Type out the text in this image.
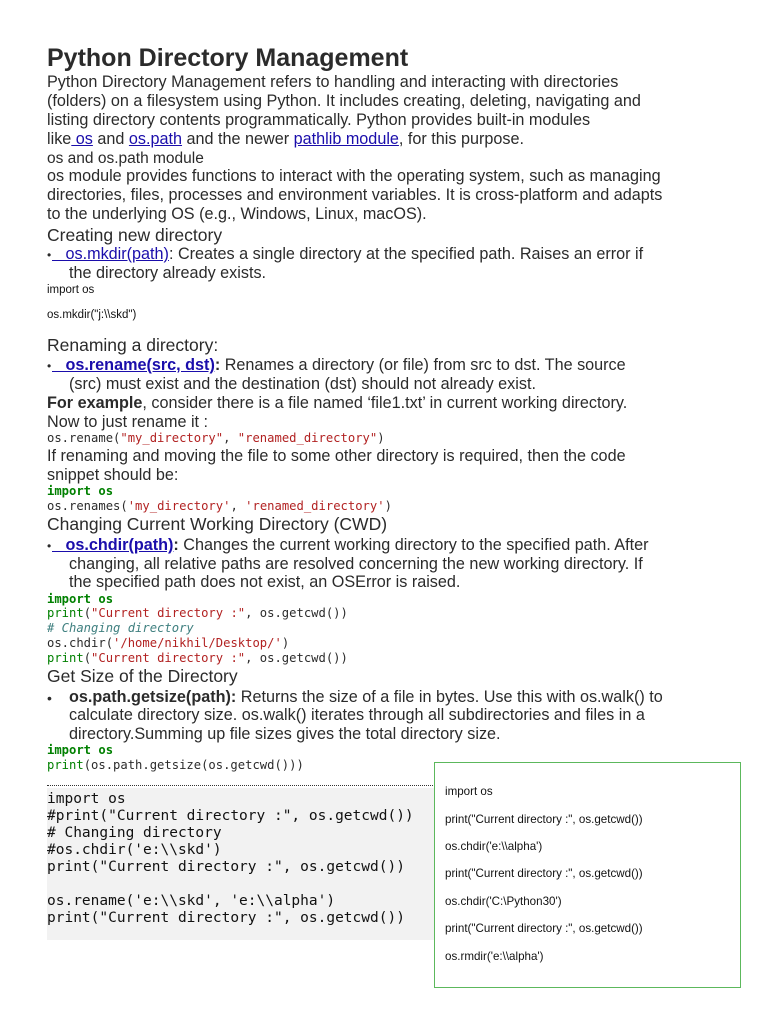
Python Directory Management
Python Directory Management refers to handling and interacting with directories
(folders) on a filesystem using Python. It includes creating, deleting, navigating and
listing directory contents programmatically. Python provides built-in modules
like os and os.path and the newer pathlib module, for this purpose.
os and os.path module
os module provides functions to interact with the operating system, such as managing
directories, files, processes and environment variables. It is cross-platform and adapts
to the underlying OS (e.g., Windows, Linux, macOS).
Creating new directory
• os.mkdir(path): Creates a single directory at the specified path. Raises an error if
the directory already exists.
import os
os.mkdir("j:\\skd")
Renaming a directory:
• os.rename(src, dst): Renames a directory (or file) from src to dst. The source
(src) must exist and the destination (dst) should not already exist.
For example, consider there is a file named ‘file1.txt’ in current working directory.
Now to just rename it :
os.rename("my_directory", "renamed_directory")
If renaming and moving the file to some other directory is required, then the code
snippet should be:
import os
os.renames('my_directory', 'renamed_directory')
Changing Current Working Directory (CWD)
• os.chdir(path): Changes the current working directory to the specified path. After
changing, all relative paths are resolved concerning the new working directory. If
the specified path does not exist, an OSError is raised.
import os
print("Current directory :", os.getcwd())
# Changing directory
os.chdir('/home/nikhil/Desktop/')
print("Current directory :", os.getcwd())
Get Size of the Directory
• os.path.getsize(path): Returns the size of a file in bytes. Use this with os.walk() to
calculate directory size. os.walk() iterates through all subdirectories and files in a
directory.Summing up file sizes gives the total directory size.
import os
print(os.path.getsize(os.getcwd()))
import os
#print("Current directory :", os.getcwd())
# Changing directory
#os.chdir('e:\\skd')
print("Current directory :", os.getcwd())
os.rename('e:\\skd', 'e:\\alpha')
print("Current directory :", os.getcwd())
import os
print("Current directory :", os.getcwd())
os.chdir('e:\\alpha')
print("Current directory :", os.getcwd())
os.chdir('C:\Python30')
print("Current directory :", os.getcwd())
os.rmdir('e:\\alpha')
